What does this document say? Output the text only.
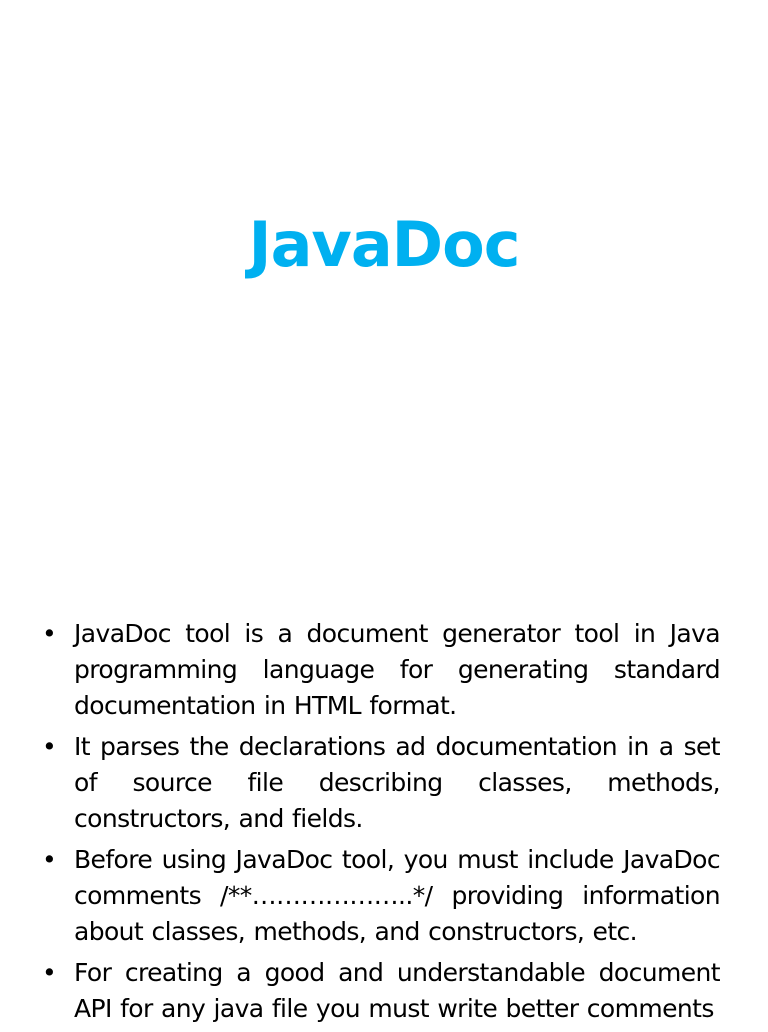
JavaDoc
• JavaDoc tool is a document generator tool in Java programming language for generating standard documentation in HTML format.
• It parses the declarations ad documentation in a set of source file describing classes, methods, constructors, and fields.
• Before using JavaDoc tool, you must include JavaDoc comments /**………………..*/ providing information about classes, methods, and constructors, etc.
• For creating a good and understandable document API for any java file you must write better comments
